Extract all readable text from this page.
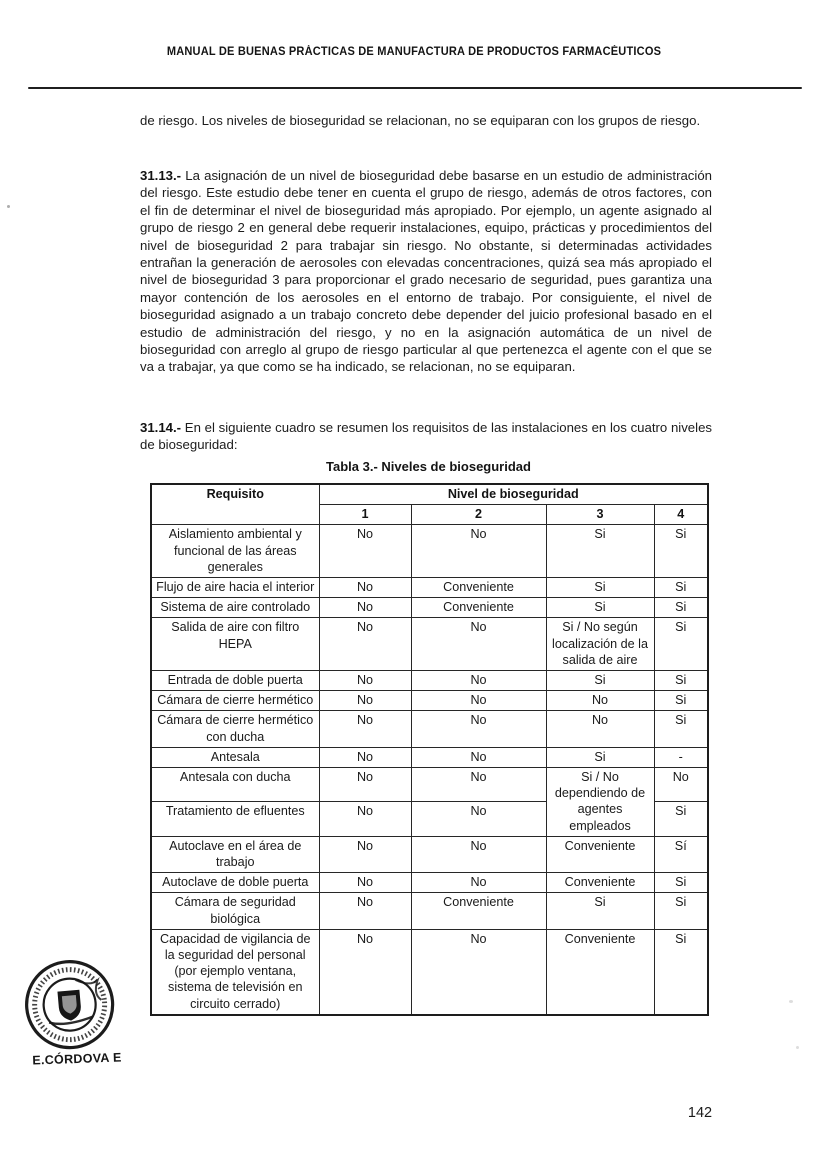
MANUAL DE BUENAS PRÁCTICAS DE MANUFACTURA DE PRODUCTOS FARMACÉUTICOS
de riesgo. Los niveles de bioseguridad se relacionan, no se equiparan con los grupos de riesgo.
31.13.- La asignación de un nivel de bioseguridad debe basarse en un estudio de administración del riesgo. Este estudio debe tener en cuenta el grupo de riesgo, además de otros factores, con el fin de determinar el nivel de bioseguridad más apropiado. Por ejemplo, un agente asignado al grupo de riesgo 2 en general debe requerir instalaciones, equipo, prácticas y procedimientos del nivel de bioseguridad 2 para trabajar sin riesgo. No obstante, si determinadas actividades entrañan la generación de aerosoles con elevadas concentraciones, quizá sea más apropiado el nivel de bioseguridad 3 para proporcionar el grado necesario de seguridad, pues garantiza una mayor contención de los aerosoles en el entorno de trabajo. Por consiguiente, el nivel de bioseguridad asignado a un trabajo concreto debe depender del juicio profesional basado en el estudio de administración del riesgo, y no en la asignación automática de un nivel de bioseguridad con arreglo al grupo de riesgo particular al que pertenezca el agente con el que se va a trabajar, ya que como se ha indicado, se relacionan, no se equiparan.
31.14.- En el siguiente cuadro se resumen los requisitos de las instalaciones en los cuatro niveles de bioseguridad:
Tabla 3.- Niveles de bioseguridad
Requisito	Nivel de bioseguridad			
	1	2	3	4
Aislamiento ambiental y funcional de las áreas generales	No	No	Si	Si
Flujo de aire hacia el interior	No	Conveniente	Si	Si
Sistema de aire controlado	No	Conveniente	Si	Si
Salida de aire con filtro HEPA	No	No	Si / No según localización de la salida de aire	Si
Entrada de doble puerta	No	No	Si	Si
Cámara de cierre hermético	No	No	No	Si
Cámara de cierre hermético con ducha	No	No	No	Si
Antesala	No	No	Si	-
Antesala con ducha	No	No	Si / No dependiendo de agentes empleados	No
Tratamiento de efluentes	No	No		Si
Autoclave en el área de trabajo	No	No	Conveniente	Sí
Autoclave de doble puerta	No	No	Conveniente	Si
Cámara de seguridad biológica	No	Conveniente	Si	Si
Capacidad de vigilancia de la seguridad del personal (por ejemplo ventana, sistema de televisión en circuito cerrado)	No	No	Conveniente	Si
E.CÓRDOVA E
142
